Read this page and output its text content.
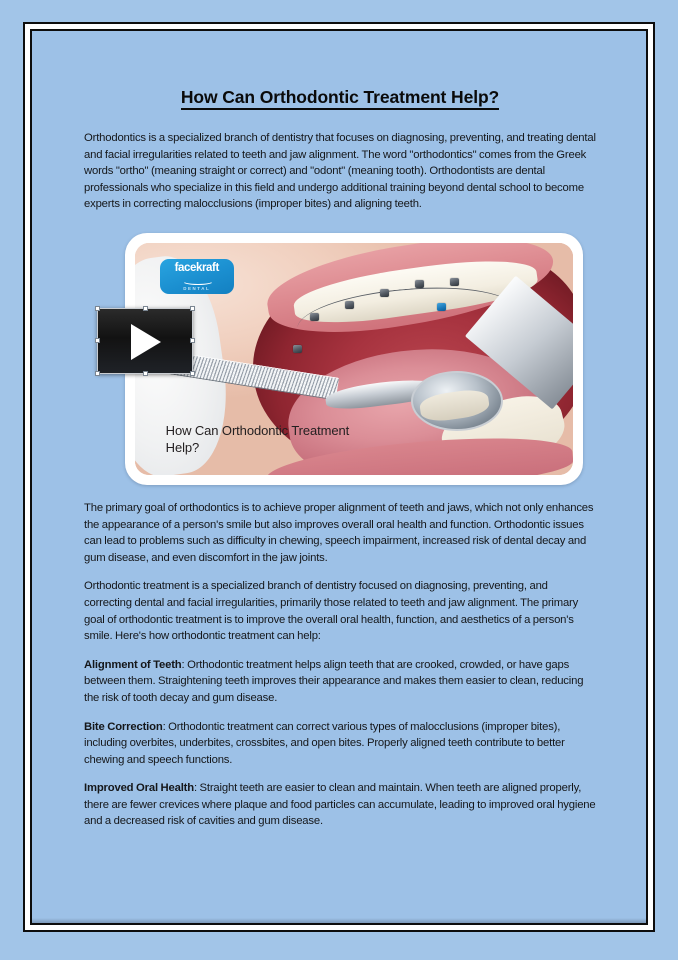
How Can Orthodontic Treatment Help?

Orthodontics is a specialized branch of dentistry that focuses on diagnosing, preventing, and treating dental and facial irregularities related to teeth and jaw alignment. The word "orthodontics" comes from the Greek words "ortho" (meaning straight or correct) and "odont" (meaning tooth). Orthodontists are dental professionals who specialize in this field and undergo additional training beyond dental school to become experts in correcting malocclusions (improper bites) and aligning teeth.

facekraft
DENTAL
How Can Orthodontic Treatment Help?

The primary goal of orthodontics is to achieve proper alignment of teeth and jaws, which not only enhances the appearance of a person's smile but also improves overall oral health and function. Orthodontic issues can lead to problems such as difficulty in chewing, speech impairment, increased risk of dental decay and gum disease, and even discomfort in the jaw joints.

Orthodontic treatment is a specialized branch of dentistry focused on diagnosing, preventing, and correcting dental and facial irregularities, primarily those related to teeth and jaw alignment. The primary goal of orthodontic treatment is to improve the overall oral health, function, and aesthetics of a person's smile. Here's how orthodontic treatment can help:

Alignment of Teeth: Orthodontic treatment helps align teeth that are crooked, crowded, or have gaps between them. Straightening teeth improves their appearance and makes them easier to clean, reducing the risk of tooth decay and gum disease.

Bite Correction: Orthodontic treatment can correct various types of malocclusions (improper bites), including overbites, underbites, crossbites, and open bites. Properly aligned teeth contribute to better chewing and speech functions.

Improved Oral Health: Straight teeth are easier to clean and maintain. When teeth are aligned properly, there are fewer crevices where plaque and food particles can accumulate, leading to improved oral hygiene and a decreased risk of cavities and gum disease.
